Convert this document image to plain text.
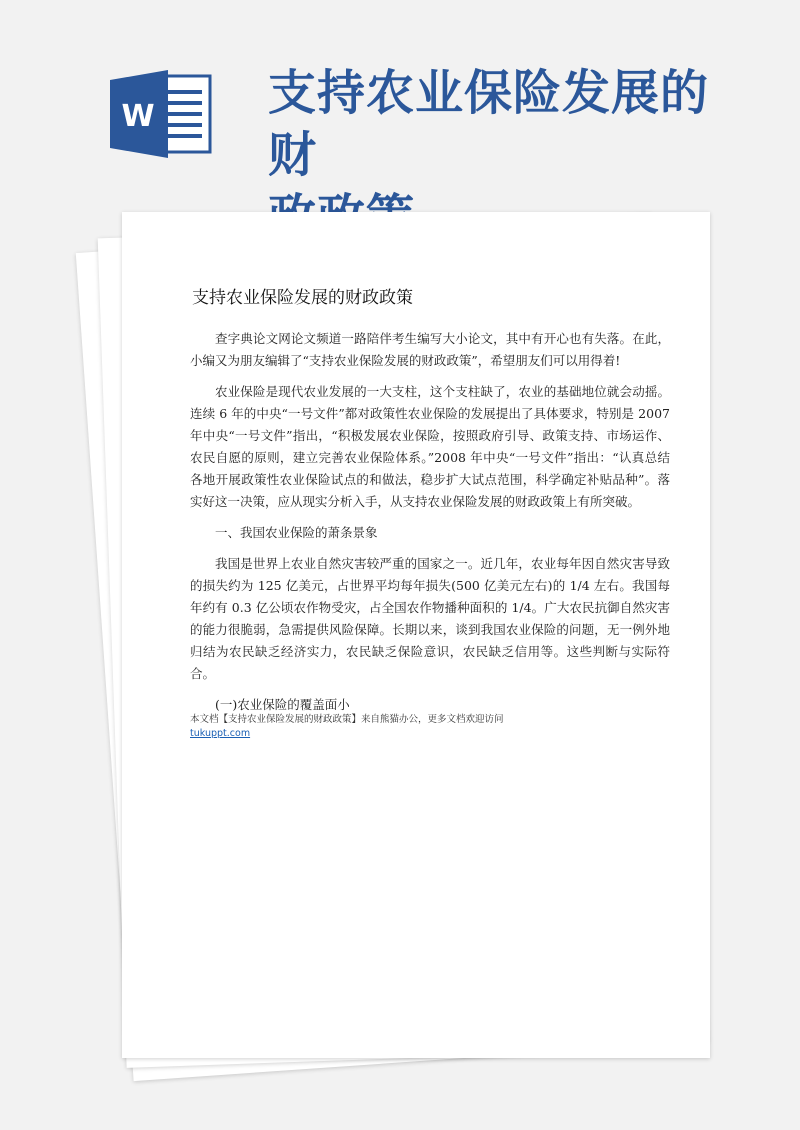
W 支持农业保险发展的财
支持农业保险发展的财政政策

查字典论文网论文频道一路陪伴考生编写大小论文，其中有开心也有失落。在此，小编又为朋友编辑了“支持农业保险发展的财政政策”，希望朋友们可以用得着!

农业保险是现代农业发展的一大支柱，这个支柱缺了，农业的基础地位就会动摇。连续 6 年的中央“一号文件”都对政策性农业保险的发展提出了具体要求，特别是 2007 年中央“一号文件”指出，“积极发展农业保险，按照政府引导、政策支持、市场运作、农民自愿的原则，建立完善农业保险体系。”2008 年中央“一号文件”指出：“认真总结各地开展政策性农业保险试点的和做法，稳步扩大试点范围，科学确定补贴品种”。落实好这一决策，应从现实分析入手，从支持农业保险发展的财政政策上有所突破。

一、我国农业保险的萧条景象

我国是世界上农业自然灾害较严重的国家之一。近几年，农业每年因自然灾害导致的损失约为 125 亿美元，占世界平均每年损失(500 亿美元左右)的 1/4 左右。我国每年约有 0.3 亿公顷农作物受灾，占全国农作物播种面积的 1/4。广大农民抗御自然灾害的能力很脆弱，急需提供风险保障。长期以来，谈到我国农业保险的问题，无一例外地归结为农民缺乏经济实力，农民缺乏保险意识，农民缺乏信用等。这些判断与实际符合。

(一)农业保险的覆盖面小

本文档【支持农业保险发展的财政政策】来自熊猫办公，更多文档欢迎访问
tukuppt.com
